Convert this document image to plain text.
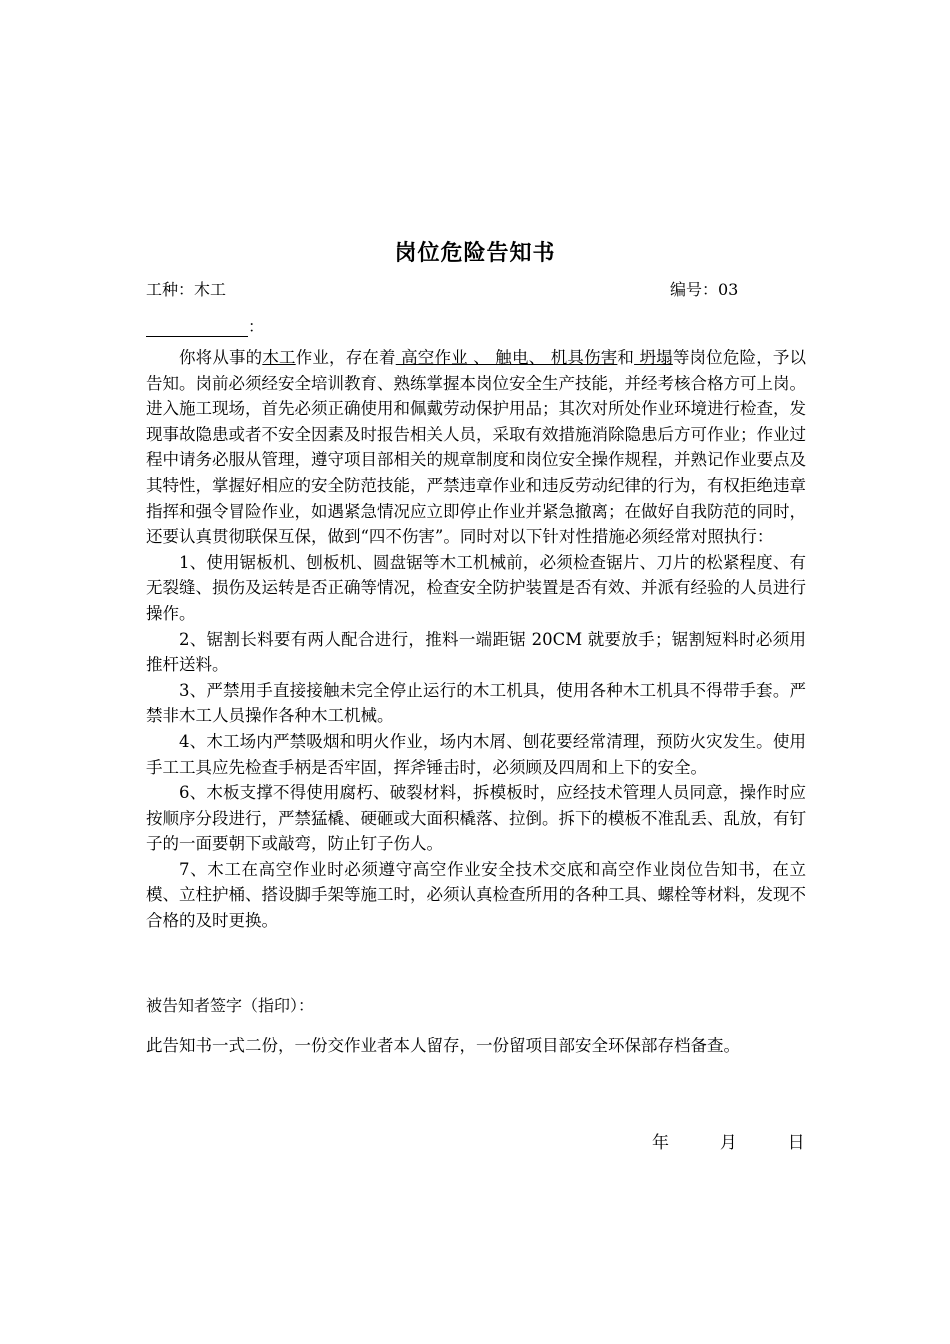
岗位危险告知书
工种：木工	编号：03
：

你将从事的木工作业，存在着 高空作业 、 触电、 机具伤害和 坍塌等岗位危险，予以告知。岗前必须经安全培训教育、熟练掌握本岗位安全生产技能，并经考核合格方可上岗。进入施工现场，首先必须正确使用和佩戴劳动保护用品；其次对所处作业环境进行检查，发现事故隐患或者不安全因素及时报告相关人员，采取有效措施消除隐患后方可作业；作业过程中请务必服从管理，遵守项目部相关的规章制度和岗位安全操作规程，并熟记作业要点及其特性，掌握好相应的安全防范技能，严禁违章作业和违反劳动纪律的行为，有权拒绝违章指挥和强令冒险作业，如遇紧急情况应立即停止作业并紧急撤离；在做好自我防范的同时，还要认真贯彻联保互保，做到“四不伤害”。同时对以下针对性措施必须经常对照执行：

1、使用锯板机、刨板机、圆盘锯等木工机械前，必须检查锯片、刀片的松紧程度、有无裂缝、损伤及运转是否正确等情况，检查安全防护装置是否有效、并派有经验的人员进行操作。

2、锯割长料要有两人配合进行，推料一端距锯 20CM 就要放手；锯割短料时必须用推杆送料。

3、严禁用手直接接触未完全停止运行的木工机具，使用各种木工机具不得带手套。严禁非木工人员操作各种木工机械。

4、木工场内严禁吸烟和明火作业，场内木屑、刨花要经常清理，预防火灾发生。使用手工工具应先检查手柄是否牢固，挥斧锤击时，必须顾及四周和上下的安全。

6、木板支撑不得使用腐朽、破裂材料，拆模板时，应经技术管理人员同意，操作时应按顺序分段进行，严禁猛橇、硬砸或大面积橇落、拉倒。拆下的模板不准乱丢、乱放，有钉子的一面要朝下或敲弯，防止钉子伤人。

7、木工在高空作业时必须遵守高空作业安全技术交底和高空作业岗位告知书，在立模、立柱护桶、搭设脚手架等施工时，必须认真检查所用的各种工具、螺栓等材料，发现不合格的及时更换。

被告知者签字（指印）：
此告知书一式二份，一份交作业者本人留存，一份留项目部安全环保部存档备查。
年	月	日
